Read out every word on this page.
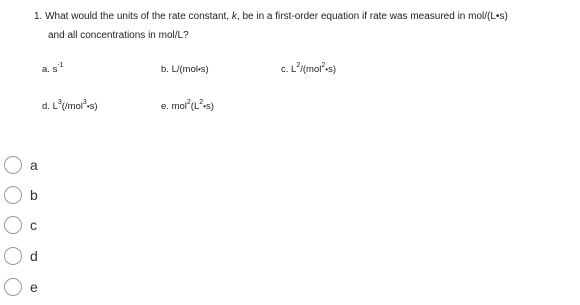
1. What would the units of the rate constant, k, be in a first-order equation if rate was measured in mol/(L•s)
and all concentrations in mol/L?
a. $s^{-1}$	b. L/(mol•s)	c. $L^2/(mol^2•s)$
d. $L^3(/mol^3•s)$	e. $mol^2(L^2•s)$
a
b
c
d
e
